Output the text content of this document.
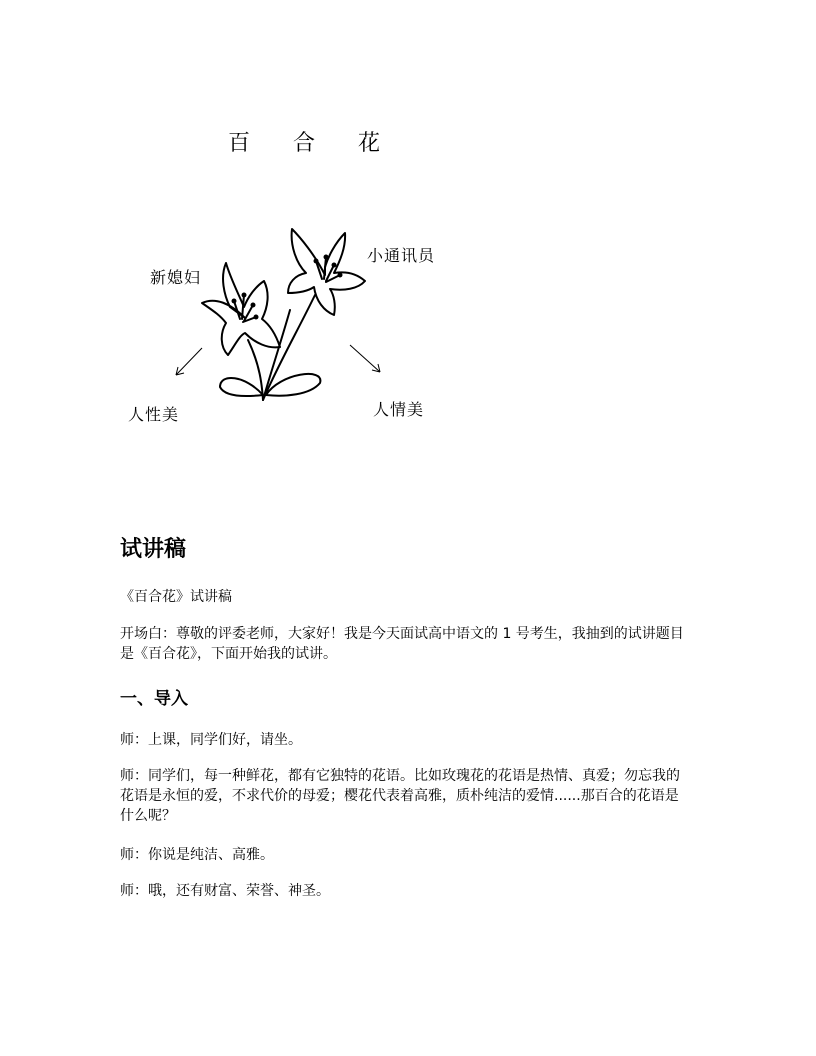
百 合 花
新媳妇
小通讯员
人性美	人情美
试讲稿

《百合花》试讲稿

开场白：尊敬的评委老师，大家好！我是今天面试高中语文的 1 号考生，我抽到的试讲题目是《百合花》，下面开始我的试讲。

一、导入

师：上课，同学们好，请坐。

师：同学们，每一种鲜花，都有它独特的花语。比如玫瑰花的花语是热情、真爱；勿忘我的花语是永恒的爱，不求代价的母爱；樱花代表着高雅，质朴纯洁的爱情......那百合的花语是什么呢？

师：你说是纯洁、高雅。

师：哦，还有财富、荣誉、神圣。
